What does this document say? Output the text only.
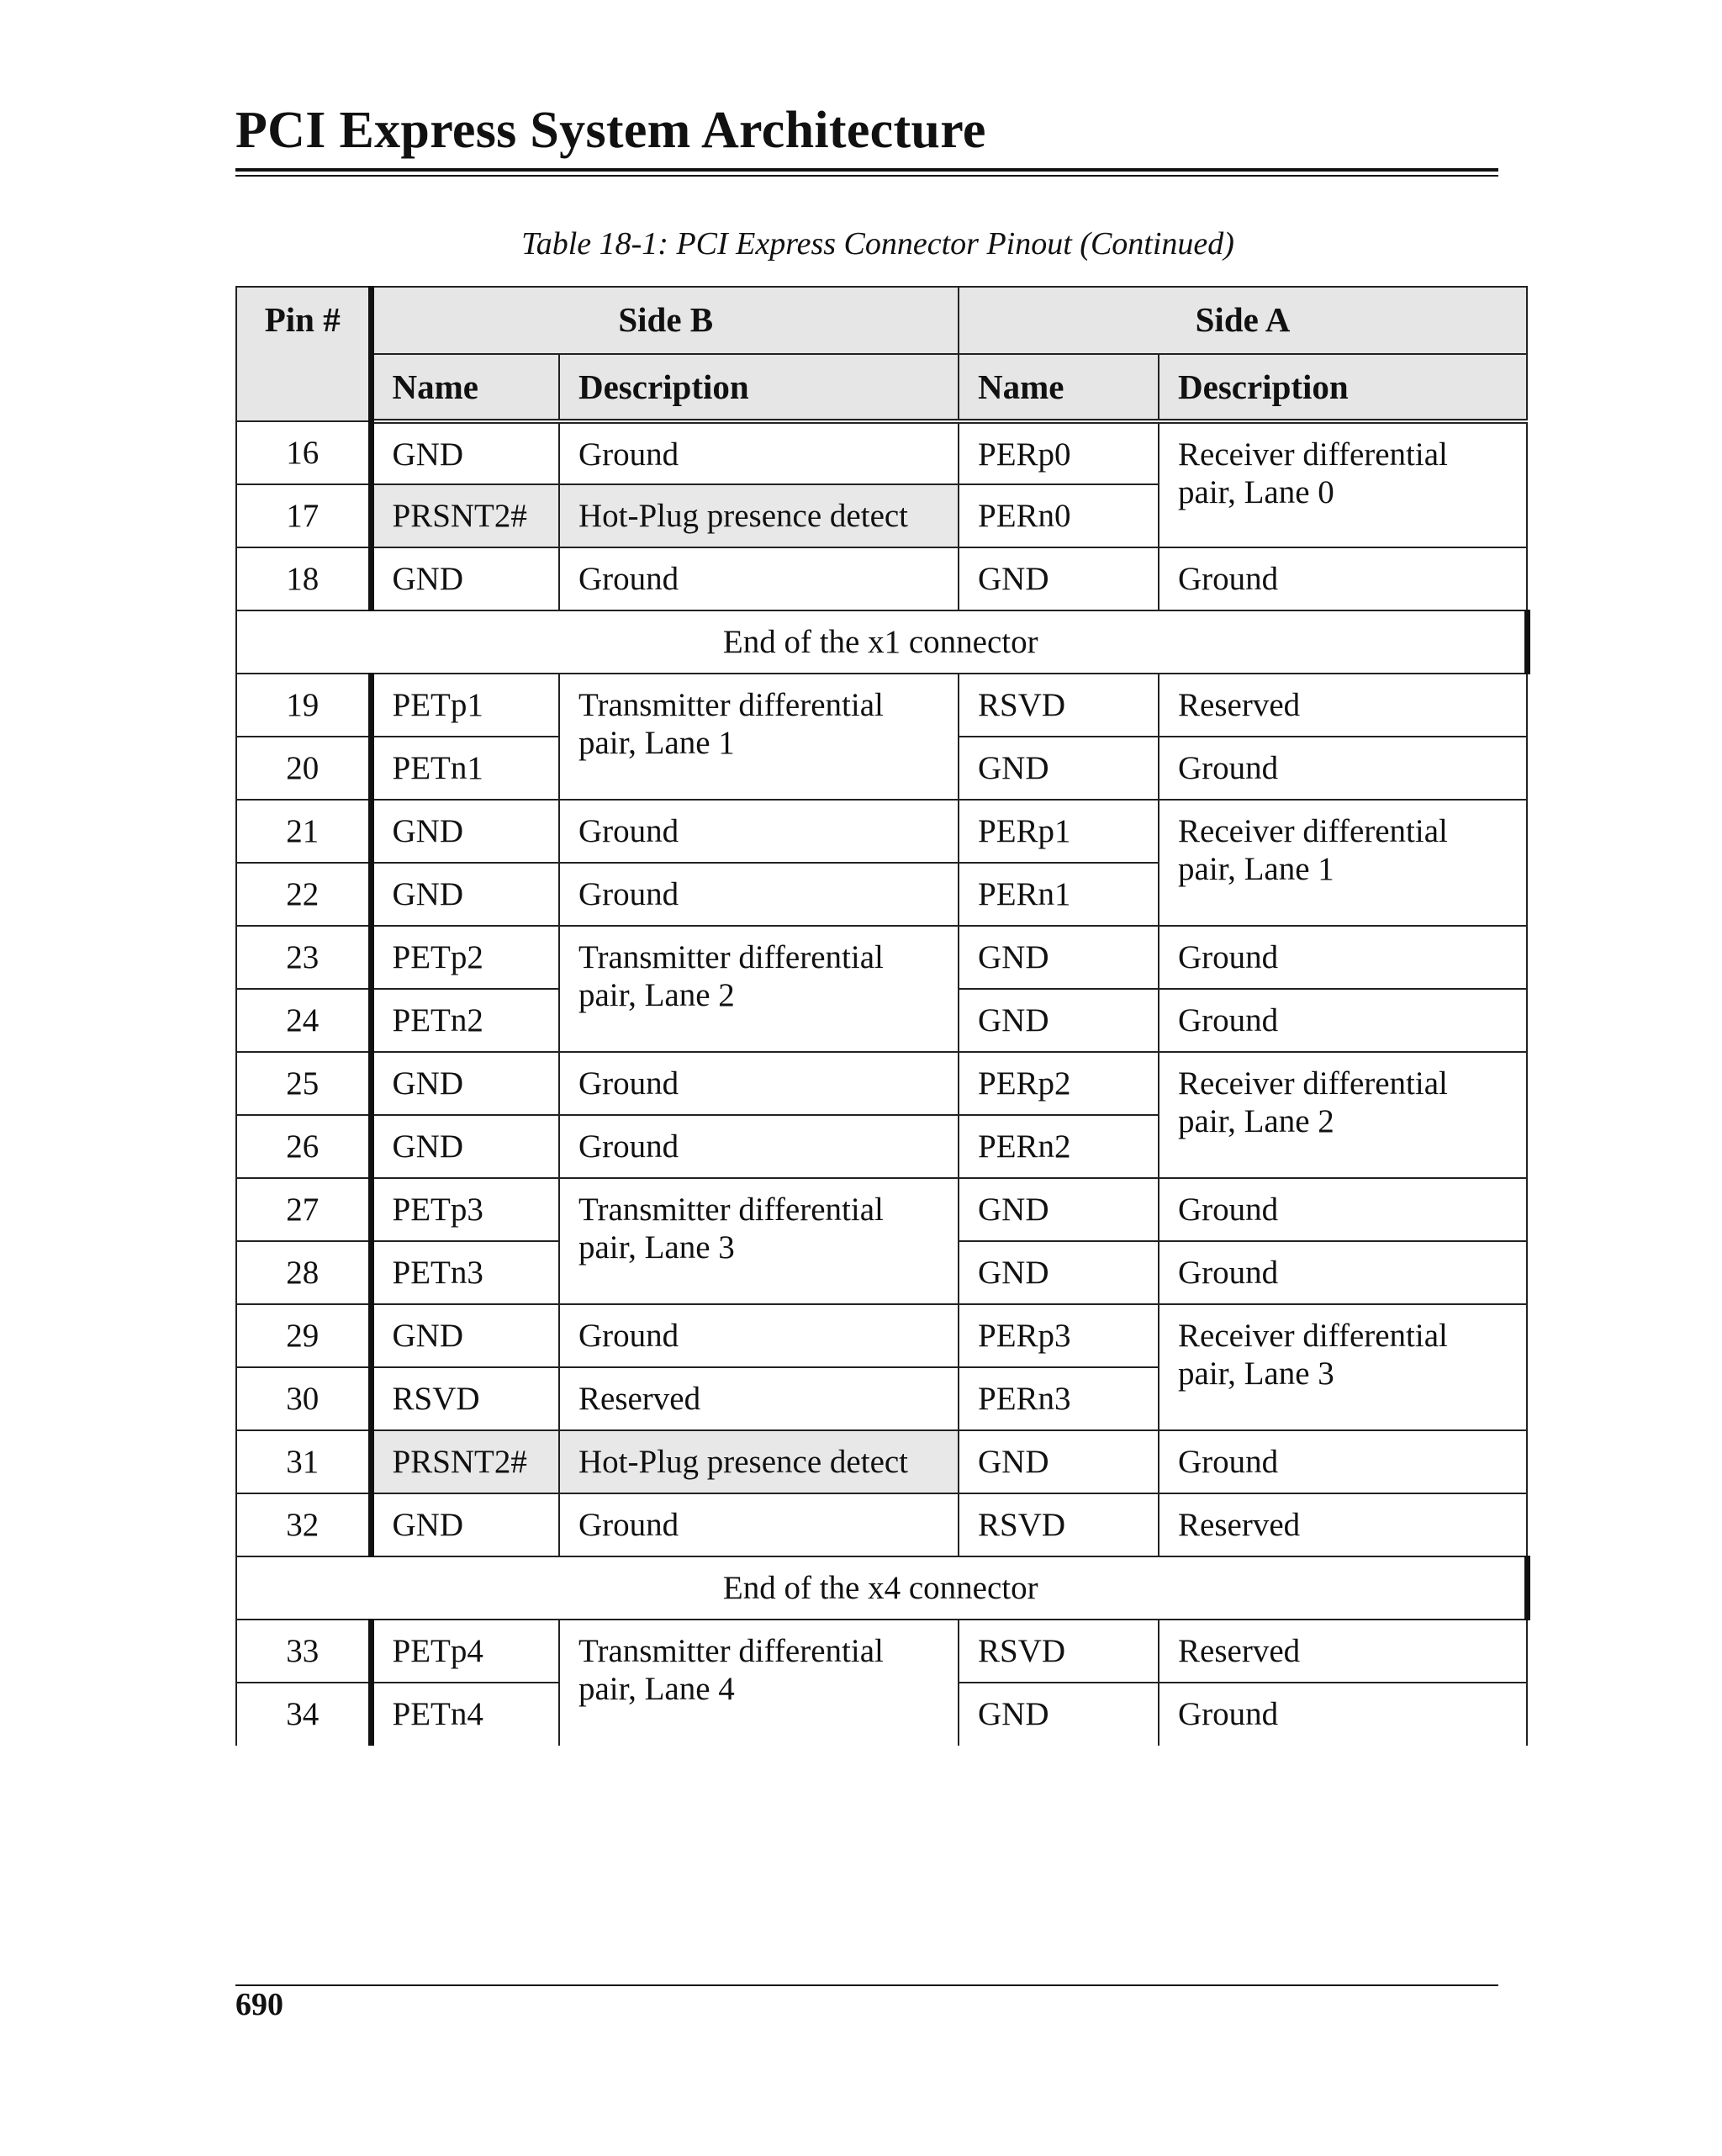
PCI Express System Architecture
Table 18-1: PCI Express Connector Pinout (Continued)
Pin #	Side B		Side A	
	Name	Description	Name	Description
16	GND	Ground	PERp0	Receiver differential pair, Lane 0
17	PRSNT2#	Hot-Plug presence detect	PERn0	
18	GND	Ground	GND	Ground
End of the x1 connector				
19	PETp1	Transmitter differential pair, Lane 1	RSVD	Reserved
20	PETn1		GND	Ground
21	GND	Ground	PERp1	Receiver differential pair, Lane 1
22	GND	Ground	PERn1	
23	PETp2	Transmitter differential pair, Lane 2	GND	Ground
24	PETn2		GND	Ground
25	GND	Ground	PERp2	Receiver differential pair, Lane 2
26	GND	Ground	PERn2	
27	PETp3	Transmitter differential pair, Lane 3	GND	Ground
28	PETn3		GND	Ground
29	GND	Ground	PERp3	Receiver differential pair, Lane 3
30	RSVD	Reserved	PERn3	
31	PRSNT2#	Hot-Plug presence detect	GND	Ground
32	GND	Ground	RSVD	Reserved
End of the x4 connector				
33	PETp4	Transmitter differential pair, Lane 4	RSVD	Reserved
34	PETn4		GND	Ground
690
